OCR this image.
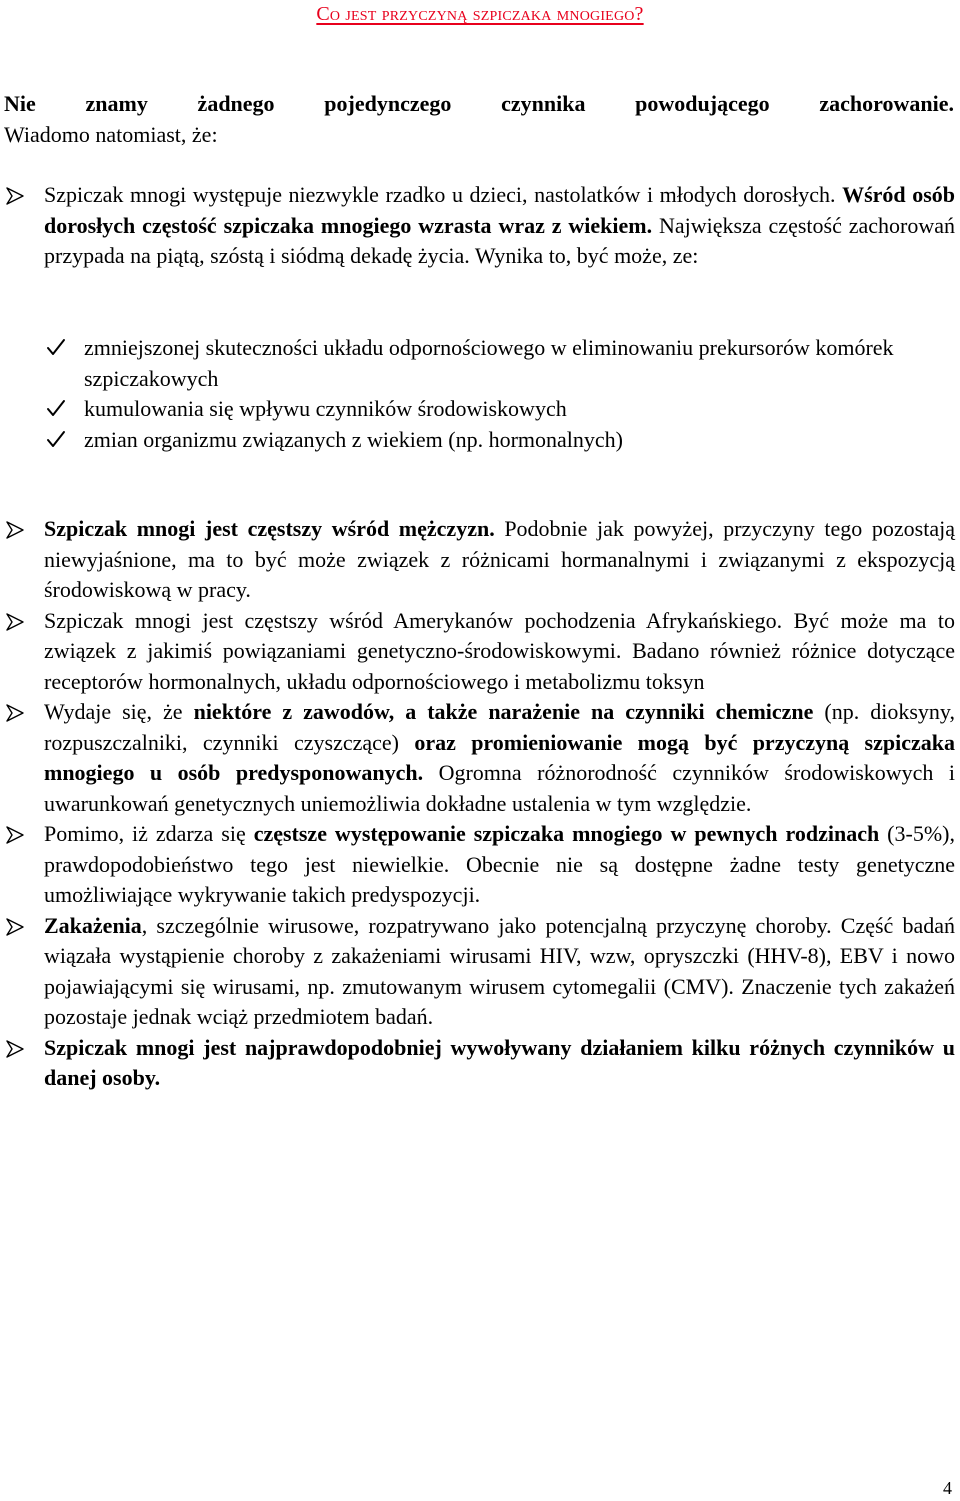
Co jest przyczyną szpiczaka mnogiego?
Nie znamy żadnego pojedynczego czynnika powodującego zachorowanie.
Wiadomo natomiast, że:
Szpiczak mnogi występuje niezwykle rzadko u dzieci, nastolatków i młodych dorosłych. Wśród osób dorosłych częstość szpiczaka mnogiego wzrasta wraz z wiekiem. Największa częstość zachorowań przypada na piątą, szóstą i siódmą dekadę życia. Wynika to, być może, ze:
zmniejszonej skuteczności układu odpornościowego w eliminowaniu prekursorów komórek szpiczakowych
kumulowania się wpływu czynników środowiskowych
zmian organizmu związanych z wiekiem (np. hormonalnych)
Szpiczak mnogi jest częstszy wśród mężczyzn. Podobnie jak powyżej, przyczyny tego pozostają niewyjaśnione, ma to być może związek z różnicami hormanalnymi i związanymi z ekspozycją środowiskową w pracy.
Szpiczak mnogi jest częstszy wśród Amerykanów pochodzenia Afrykańskiego. Być może ma to związek z jakimiś powiązaniami genetyczno-środowiskowymi. Badano również różnice dotyczące receptorów hormonalnych, układu odpornościowego i metabolizmu toksyn
Wydaje się, że niektóre z zawodów, a także narażenie na czynniki chemiczne (np. dioksyny, rozpuszczalniki, czynniki czyszczące) oraz promieniowanie mogą być przyczyną szpiczaka mnogiego u osób predysponowanych. Ogromna różnorodność czynników środowiskowych i uwarunkowań genetycznych uniemożliwia dokładne ustalenia w tym względzie.
Pomimo, iż zdarza się częstsze występowanie szpiczaka mnogiego w pewnych rodzinach (3-5%), prawdopodobieństwo tego jest niewielkie. Obecnie nie są dostępne żadne testy genetyczne umożliwiające wykrywanie takich predyspozycji.
Zakażenia, szczególnie wirusowe, rozpatrywano jako potencjalną przyczynę choroby. Część badań wiązała wystąpienie choroby z zakażeniami wirusami HIV, wzw, opryszczki (HHV-8), EBV i nowo pojawiającymi się wirusami, np. zmutowanym wirusem cytomegalii (CMV). Znaczenie tych zakażeń pozostaje jednak wciąż przedmiotem badań.
Szpiczak mnogi jest najprawdopodobniej wywoływany działaniem kilku różnych czynników u danej osoby.
4
